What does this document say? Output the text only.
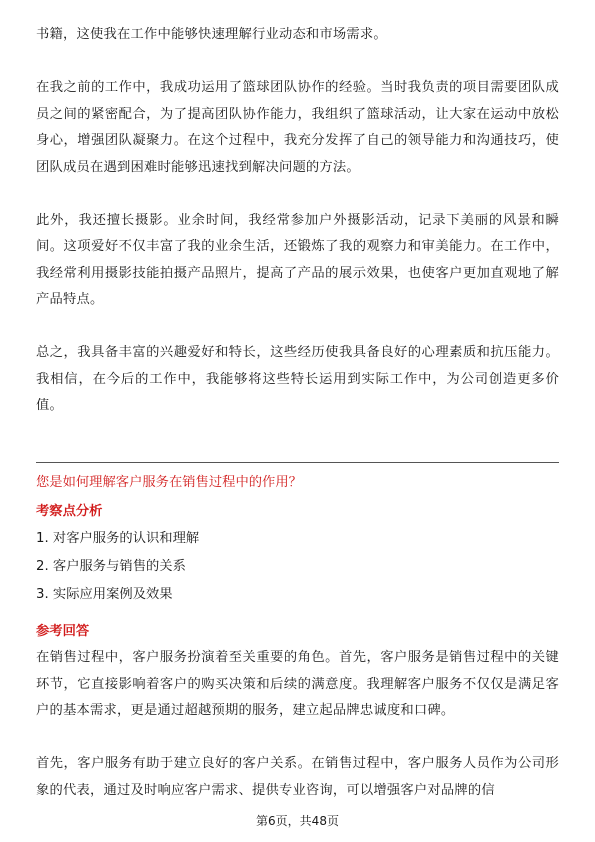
书籍，这使我在工作中能够快速理解行业动态和市场需求。

在我之前的工作中，我成功运用了篮球团队协作的经验。当时我负责的项目需要团队成员之间的紧密配合，为了提高团队协作能力，我组织了篮球活动，让大家在运动中放松身心，增强团队凝聚力。在这个过程中，我充分发挥了自己的领导能力和沟通技巧，使团队成员在遇到困难时能够迅速找到解决问题的方法。

此外，我还擅长摄影。业余时间，我经常参加户外摄影活动，记录下美丽的风景和瞬间。这项爱好不仅丰富了我的业余生活，还锻炼了我的观察力和审美能力。在工作中，我经常利用摄影技能拍摄产品照片，提高了产品的展示效果，也使客户更加直观地了解产品特点。

总之，我具备丰富的兴趣爱好和特长，这些经历使我具备良好的心理素质和抗压能力。我相信，在今后的工作中，我能够将这些特长运用到实际工作中，为公司创造更多价值。

您是如何理解客户服务在销售过程中的作用？

考察点分析

1. 对客户服务的认识和理解

2. 客户服务与销售的关系

3. 实际应用案例及效果

参考回答

在销售过程中，客户服务扮演着至关重要的角色。首先，客户服务是销售过程中的关键环节，它直接影响着客户的购买决策和后续的满意度。我理解客户服务不仅仅是满足客户的基本需求，更是通过超越预期的服务，建立起品牌忠诚度和口碑。

首先，客户服务有助于建立良好的客户关系。在销售过程中，客户服务人员作为公司形象的代表，通过及时响应客户需求、提供专业咨询，可以增强客户对品牌的信

第6页，共48页
